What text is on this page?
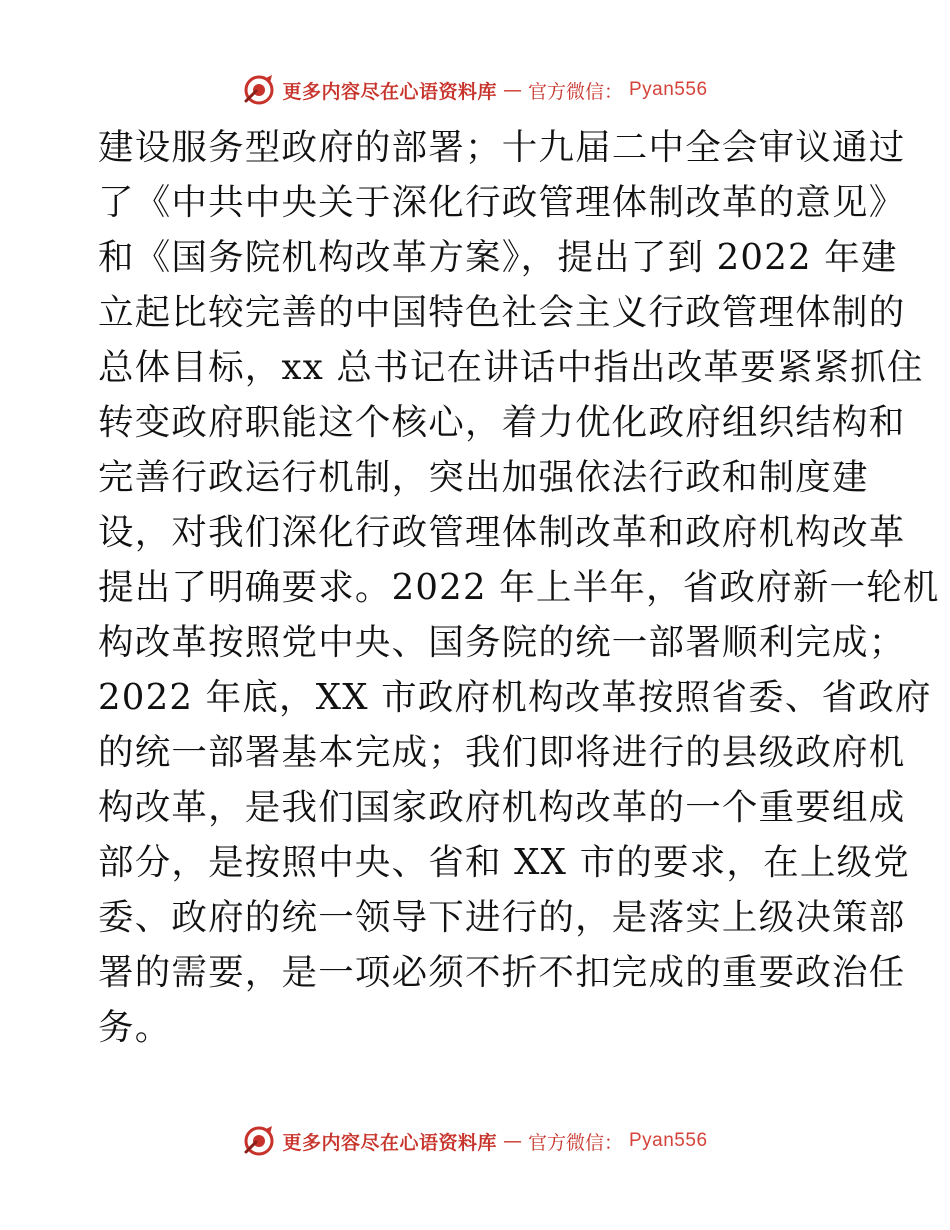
更多内容尽在心语资料库 — 官方微信： Pyan556
建设服务型政府的部署；十九届二中全会审议通过
了《中共中央关于深化行政管理体制改革的意见》
和《国务院机构改革方案》，提出了到 2022 年建
立起比较完善的中国特色社会主义行政管理体制的
总体目标，xx 总书记在讲话中指出改革要紧紧抓住
转变政府职能这个核心，着力优化政府组织结构和
完善行政运行机制，突出加强依法行政和制度建
设，对我们深化行政管理体制改革和政府机构改革
提出了明确要求。2022 年上半年，省政府新一轮机
构改革按照党中央、国务院的统一部署顺利完成；
2022 年底，XX 市政府机构改革按照省委、省政府
的统一部署基本完成；我们即将进行的县级政府机
构改革，是我们国家政府机构改革的一个重要组成
部分，是按照中央、省和 XX 市的要求，在上级党
委、政府的统一领导下进行的，是落实上级决策部
署的需要，是一项必须不折不扣完成的重要政治任
务。
更多内容尽在心语资料库 — 官方微信： Pyan556
